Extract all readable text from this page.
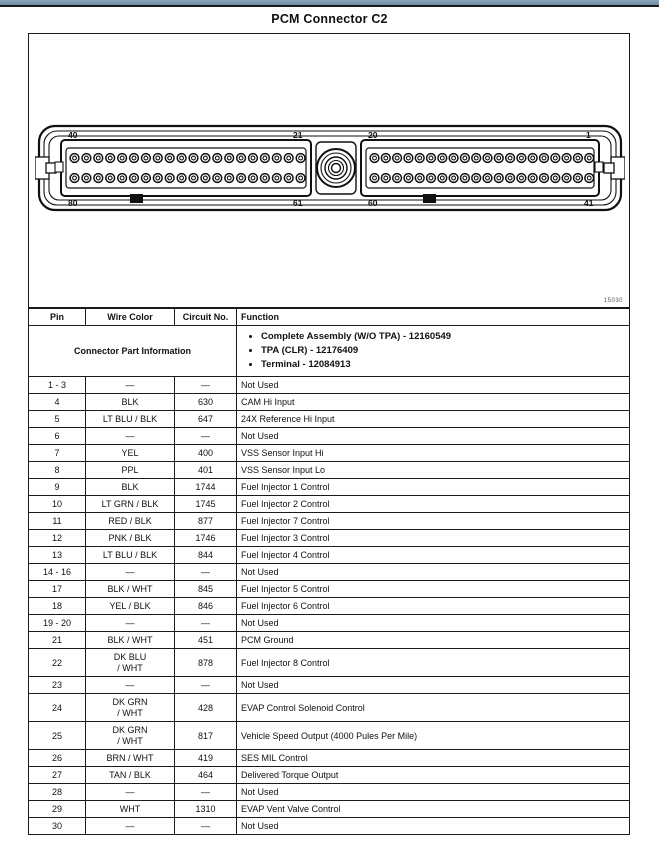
PCM Connector C2
40	21
80	61
20	1
60	41
15030
Connector Part Information	
• Complete Assembly (W/O TPA) - 12160549
• TPA (CLR) - 12176409
• Terminal - 12084913

Pin	Wire Color	Circuit No.	Function
1 - 3	—	—	Not Used
4	BLK	630	CAM Hi Input
5	LT BLU / BLK	647	24X Reference Hi Input
6	—	—	Not Used
7	YEL	400	VSS Sensor Input Hi
8	PPL	401	VSS Sensor Input Lo
9	BLK	1744	Fuel Injector 1 Control
10	LT GRN / BLK	1745	Fuel Injector 2 Control
11	RED / BLK	877	Fuel Injector 7 Control
12	PNK / BLK	1746	Fuel Injector 3 Control
13	LT BLU / BLK	844	Fuel Injector 4 Control
14 - 16	—	—	Not Used
17	BLK / WHT	845	Fuel Injector 5 Control
18	YEL / BLK	846	Fuel Injector 6 Control
19 - 20	—	—	Not Used
21	BLK / WHT	451	PCM Ground
22	DK BLU
/ WHT	878	Fuel Injector 8 Control
23	—	—	Not Used
24	DK GRN
/ WHT	428	EVAP Control Solenoid Control
25	DK GRN
/ WHT	817	Vehicle Speed Output (4000 Pules Per Mile)
26	BRN / WHT	419	SES MIL Control
27	TAN / BLK	464	Delivered Torque Output
28	—	—	Not Used
29	WHT	1310	EVAP Vent Valve Control
30	—	—	Not Used
